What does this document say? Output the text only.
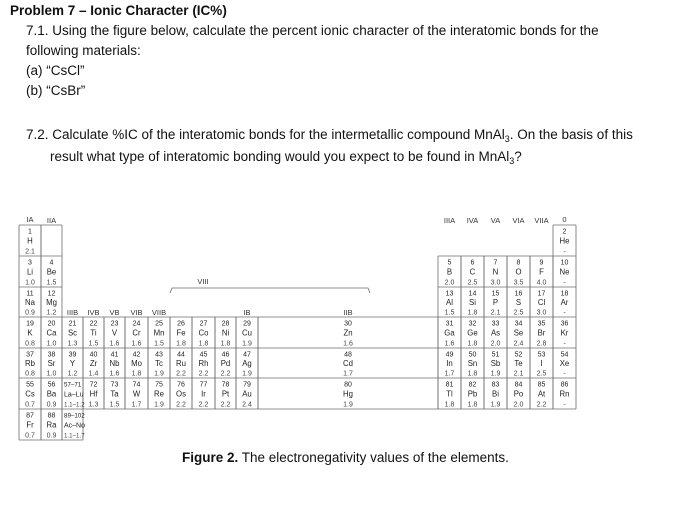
Problem 7 – Ionic Character (IC%)
7.1. Using the figure below, calculate the percent ionic character of the interatomic bonds for the
following materials:
(a) “CsCl”
(b) “CsBr”
7.2. Calculate %IC of the interatomic bonds for the intermetallic compound MnAl$_3$. On the basis of this
result what type of interatomic bonding would you expect to be found in MnAl$_3$?
IA IIA
IIIB IVB VB VIB VIIB
VIII
IB	IIB
IIIA IVA VA VIA VIIA 0
1
H
2.1
2
He
-
3
Li
1.0
4
Be
1.5
5
B
2.0
6
C
2.5
7
N
3.0
8
O
3.5
9
F
4.0
10
Ne
-
11
Na
0.9
12
Mg
1.2
13
Al
1.5
14
Si
1.8
15
P
2.1
16
S
2.5
17
Cl
3.0
18
Ar
-
19
K
0.8
20
Ca
1.0
21
Sc
1.3
22
Ti
1.5
23
V
1.6
24
Cr
1.6
25
Mn
1.5
26
Fe
1.8
27
Co
1.8
28
Ni
1.8
29
Cu
1.9
30
Zn
1.6
31
Ga
1.6
32
Ge
1.8
33
As
2.0
34
Se
2.4
35
Br
2.8
36
Kr
-
37
Rb
0.8
38
Sr
1.0
39
Y
1.2
40
Zr
1.4
41
Nb
1.6
42
Mo
1.8
43
Tc
1.9
44
Ru
2.2
45
Rh
2.2
46
Pd
2.2
47
Ag
1.9
48
Cd
1.7
49
In
1.7
50
Sn
1.8
51
Sb
1.9
52
Te
2.1
53
I
2.5
54
Xe
-
55
Cs
0.7
56
Ba
0.9
57–71
La–Lu
1.1–1.2
72
Hf
1.3
73
Ta
1.5
74
W
1.7
75
Re
1.9
76
Os
2.2
77
Ir
2.2
78
Pt
2.2
79
Au
2.4
80
Hg
1.9
81
Tl
1.8
82
Pb
1.8
83
Bi
1.9
84
Po
2.0
85
At
2.2
86
Rn
-
87
Fr
0.7
88
Ra
0.9
89–102
Ac–No
1.1–1.7
Figure 2. The electronegativity values of the elements.
